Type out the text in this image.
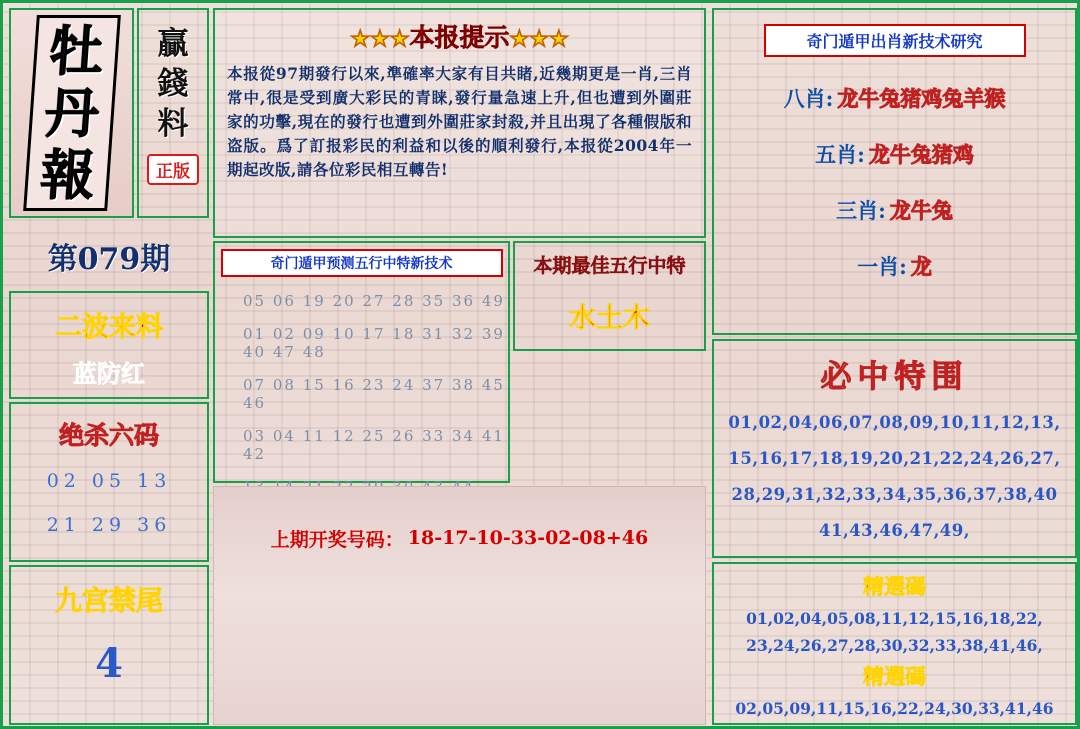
牡
丹
報
贏
錢
料
正版
★★★本报提示★★★
本报從97期發行以來,準確率大家有目共睹,近幾期更是一肖,三肖常中,很是受到廣大彩民的青睐,發行量急速上升,但也遭到外圍莊家的功擊,現在的發行也遭到外圍莊家封殺,并且出現了各種假版和盗版。爲了訂报彩民的利益和以後的順利發行,本报從2004年一期起改版,請各位彩民相互轉告!
奇门遁甲出肖新技术研究
八肖: 龙牛兔猪鸡兔羊猴
五肖: 龙牛兔猪鸡
三肖: 龙牛兔
一肖: 龙
第079期
二波来料
蓝防红
绝杀六码
02 05 13
21 29 36
九宫禁尾
4
奇门遁甲预测五行中特新技术
05 06 19 20 27 28 35 36 49
01 02 09 10 17 18 31 32 39 40 47 48
07 08 15 16 23 24 37 38 45 46
03 04 11 12 25 26 33 34 41 42
本期最佳五行中特
水土木
上期开奖号码： 18-17-10-33-02-08+46
必中特围
01,02,04,06,07,08,09,10,11,12,13,
15,16,17,18,19,20,21,22,24,26,27,
28,29,31,32,33,34,35,36,37,38,40
41,43,46,47,49,
精選碼
01,02,04,05,08,11,12,15,16,18,22,
23,24,26,27,28,30,32,33,38,41,46,
精選碼
02,05,09,11,15,16,22,24,30,33,41,46
